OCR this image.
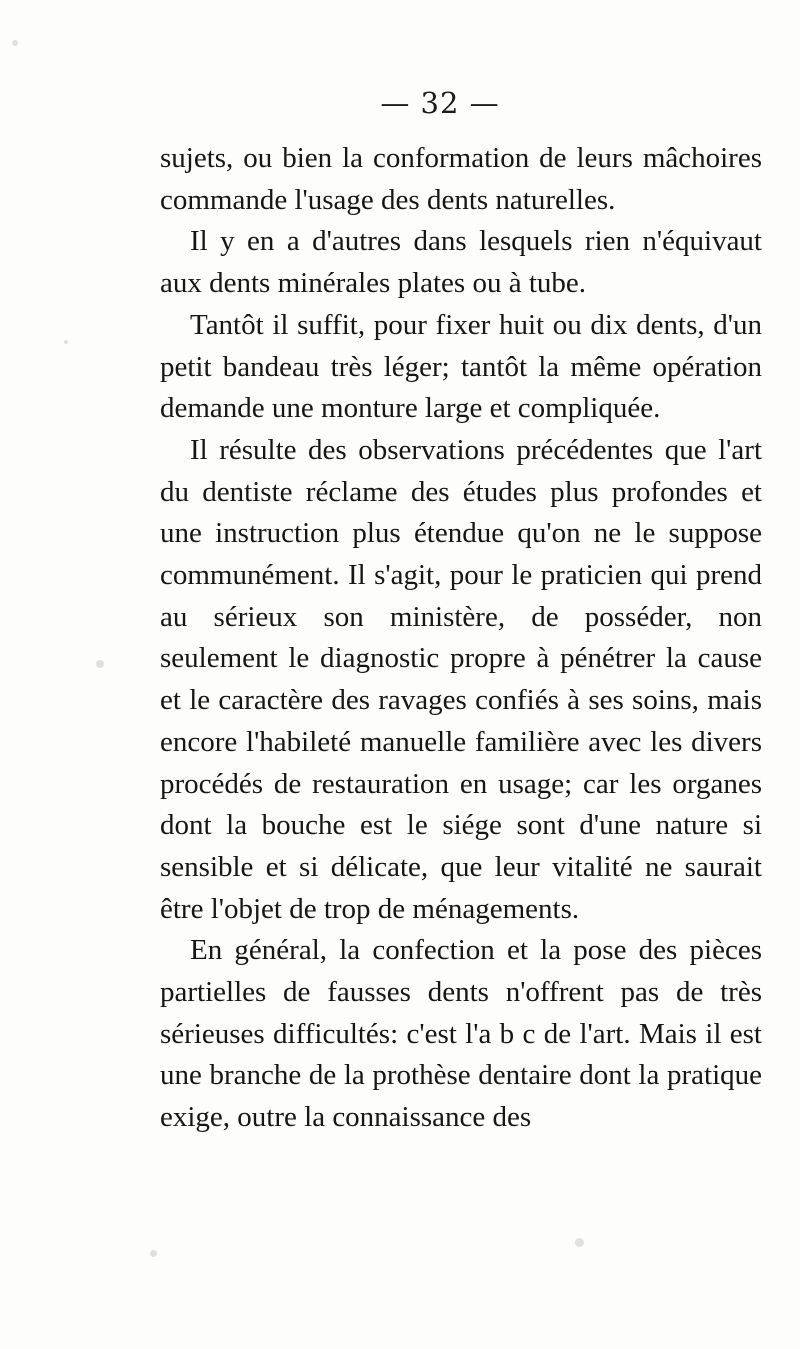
— 32 —

sujets, ou bien la conformation de leurs mâchoires commande l'usage des dents naturelles.

Il y en a d'autres dans lesquels rien n'équivaut aux dents minérales plates ou à tube.

Tantôt il suffit, pour fixer huit ou dix dents, d'un petit bandeau très léger; tantôt la même opération demande une monture large et compliquée.

Il résulte des observations précédentes que l'art du dentiste réclame des études plus profondes et une instruction plus étendue qu'on ne le suppose communément. Il s'agit, pour le praticien qui prend au sérieux son ministère, de posséder, non seulement le diagnostic propre à pénétrer la cause et le caractère des ravages confiés à ses soins, mais encore l'habileté manuelle familière avec les divers procédés de restauration en usage; car les organes dont la bouche est le siége sont d'une nature si sensible et si délicate, que leur vitalité ne saurait être l'objet de trop de ménagements.

En général, la confection et la pose des pièces partielles de fausses dents n'offrent pas de très sérieuses difficultés: c'est l'a b c de l'art. Mais il est une branche de la prothèse dentaire dont la pratique exige, outre la connaissance des
